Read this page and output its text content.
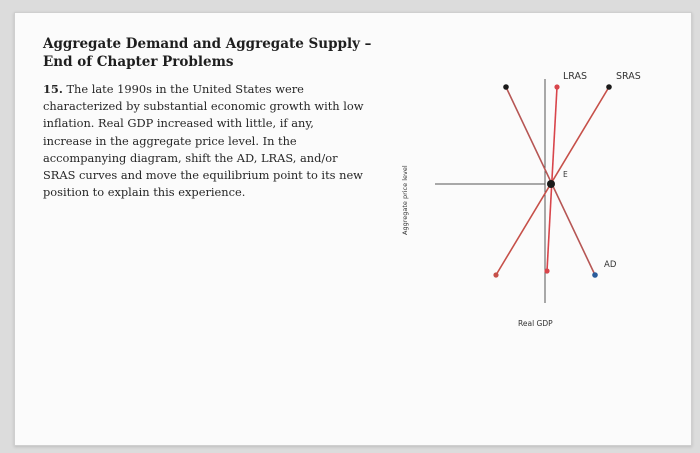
Aggregate Demand and Aggregate Supply – End of Chapter Problems
15. The late 1990s in the United States were characterized by substantial economic growth with low inflation. Real GDP increased with little, if any, increase in the aggregate price level. In the accompanying diagram, shift the AD, LRAS, and/or SRAS curves and move the equilibrium point to its new position to explain this experience.
LRAS	SRAS
AD
E
Real GDP
Aggregate price level
